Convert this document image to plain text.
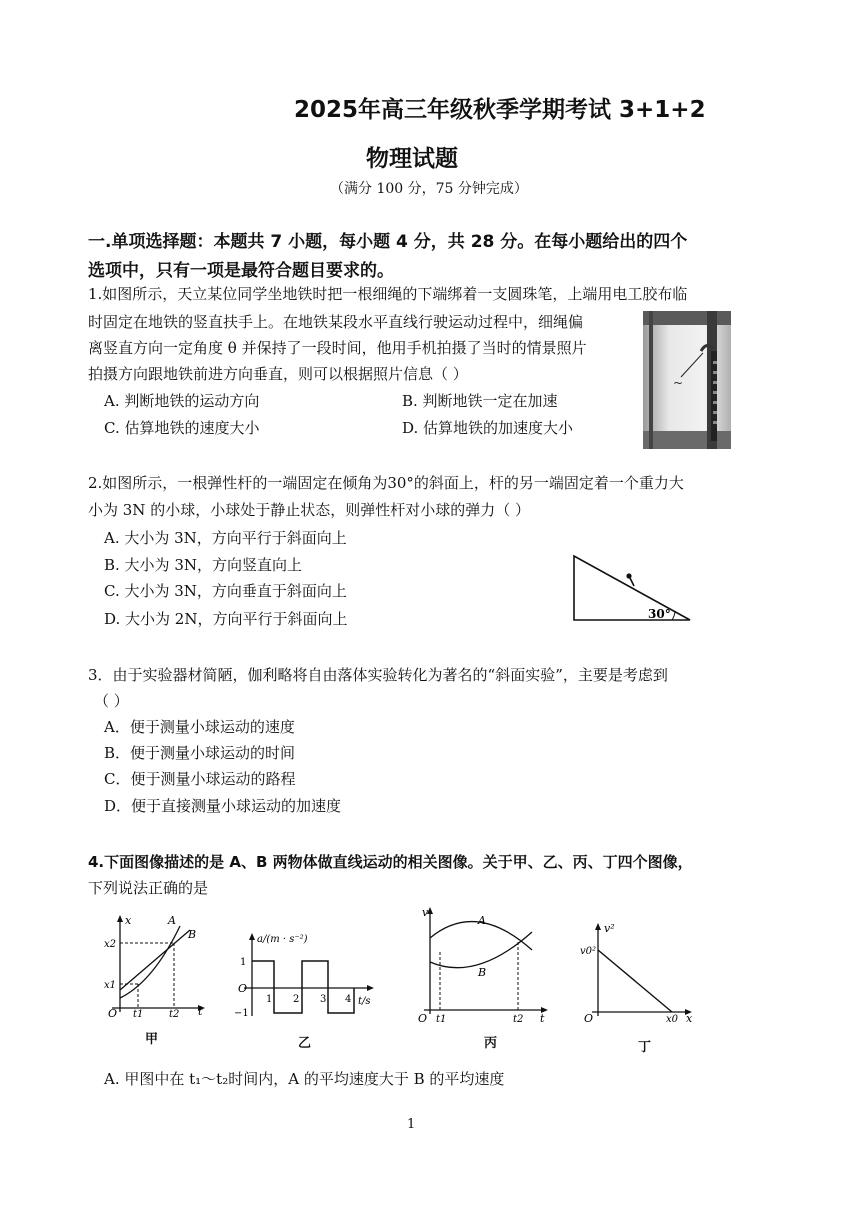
2025年高三年级秋季学期考试 3+1+2
物理试题
（满分 100 分，75 分钟完成）
一.单项选择题：本题共 7 小题，每小题 4 分，共 28 分。在每小题给出的四个
选项中，只有一项是最符合题目要求的。
1.如图所示，天立某位同学坐地铁时把一根细绳的下端绑着一支圆珠笔，上端用电工胶布临
时固定在地铁的竖直扶手上。在地铁某段水平直线行驶运动过程中，细绳偏
离竖直方向一定角度 θ 并保持了一段时间，他用手机拍摄了当时的情景照片
拍摄方向跟地铁前进方向垂直，则可以根据照片信息（ ）
A. 判断地铁的运动方向	B. 判断地铁一定在加速
C. 估算地铁的速度大小	D. 估算地铁的加速度大小
~
2.如图所示，一根弹性杆的一端固定在倾角为30°的斜面上，杆的另一端固定着一个重力大
小为 3N 的小球，小球处于静止状态，则弹性杆对小球的弹力（ ）
A. 大小为 3N，方向平行于斜面向上
B. 大小为 3N，方向竖直向上
C. 大小为 3N，方向垂直于斜面向上
D. 大小为 2N，方向平行于斜面向上	30°
3．由于实验器材简陋，伽利略将自由落体实验转化为著名的“斜面实验”，主要是考虑到
（ ）
A．便于测量小球运动的速度
B．便于测量小球运动的时间
C．便于测量小球运动的路程
D．便于直接测量小球运动的加速度
4.下面图像描述的是 A、B 两物体做直线运动的相关图像。关于甲、乙、丙、丁四个图像，
下列说法正确的是
x
t
O
x1
x2
t1	t2
A
B
甲
a/(m · s⁻²)
t/s
O
1
−1
1 2 3 4
乙
v
t
O t1	t2
A
B
丙
v²
x
O
v0²
x0
丁
A. 甲图中在 t₁～t₂时间内，A 的平均速度大于 B 的平均速度
1
